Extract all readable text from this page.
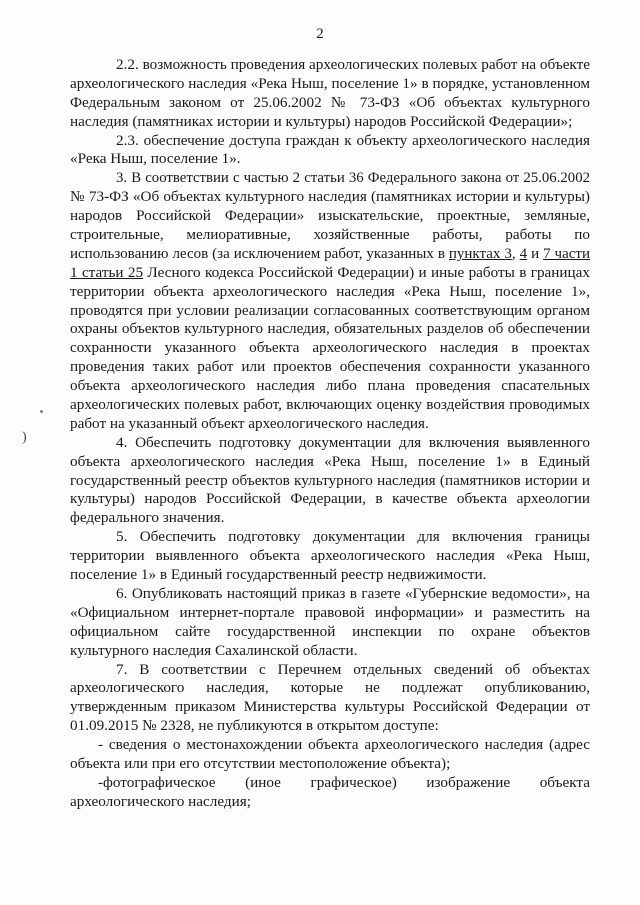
2
)
2.2. возможность проведения археологических полевых работ на объекте
археологического наследия «Река Ныш, поселение 1» в порядке, установленном
Федеральным законом от 25.06.2002 № 73-ФЗ «Об объектах культурного
наследия (памятниках истории и культуры) народов Российской Федерации»;
2.3. обеспечение доступа граждан к объекту археологического наследия
«Река Ныш, поселение 1».
3. В соответствии с частью 2 статьи 36 Федерального закона от 25.06.2002
№ 73-ФЗ «Об объектах культурного наследия (памятниках истории и культуры)
народов Российской Федерации» изыскательские, проектные, земляные,
строительные, мелиоративные, хозяйственные работы, работы по
использованию лесов (за исключением работ, указанных в пунктах 3, 4 и 7 части
1 статьи 25 Лесного кодекса Российской Федерации) и иные работы в границах
территории объекта археологического наследия «Река Ныш, поселение 1»,
проводятся при условии реализации согласованных соответствующим органом
охраны объектов культурного наследия, обязательных разделов об обеспечении
сохранности указанного объекта археологического наследия в проектах
проведения таких работ или проектов обеспечения сохранности указанного
объекта археологического наследия либо плана проведения спасательных
археологических полевых работ, включающих оценку воздействия проводимых
работ на указанный объект археологического наследия.
4. Обеспечить подготовку документации для включения выявленного
объекта археологического наследия «Река Ныш, поселение 1» в Единый
государственный реестр объектов культурного наследия (памятников истории и
культуры) народов Российской Федерации, в качестве объекта археологии
федерального значения.
5. Обеспечить подготовку документации для включения границы
территории выявленного объекта археологического наследия «Река Ныш,
поселение 1» в Единый государственный реестр недвижимости.
6. Опубликовать настоящий приказ в газете «Губернские ведомости», на
«Официальном интернет-портале правовой информации» и разместить на
официальном сайте государственной инспекции по охране объектов
культурного наследия Сахалинской области.
7. В соответствии с Перечнем отдельных сведений об объектах
археологического наследия, которые не подлежат опубликованию,
утвержденным приказом Министерства культуры Российской Федерации от
01.09.2015 № 2328, не публикуются в открытом доступе:
- сведения о местонахождении объекта археологического наследия (адрес
объекта или при его отсутствии местоположение объекта);
-фотографическое (иное графическое) изображение объекта
археологического наследия;
